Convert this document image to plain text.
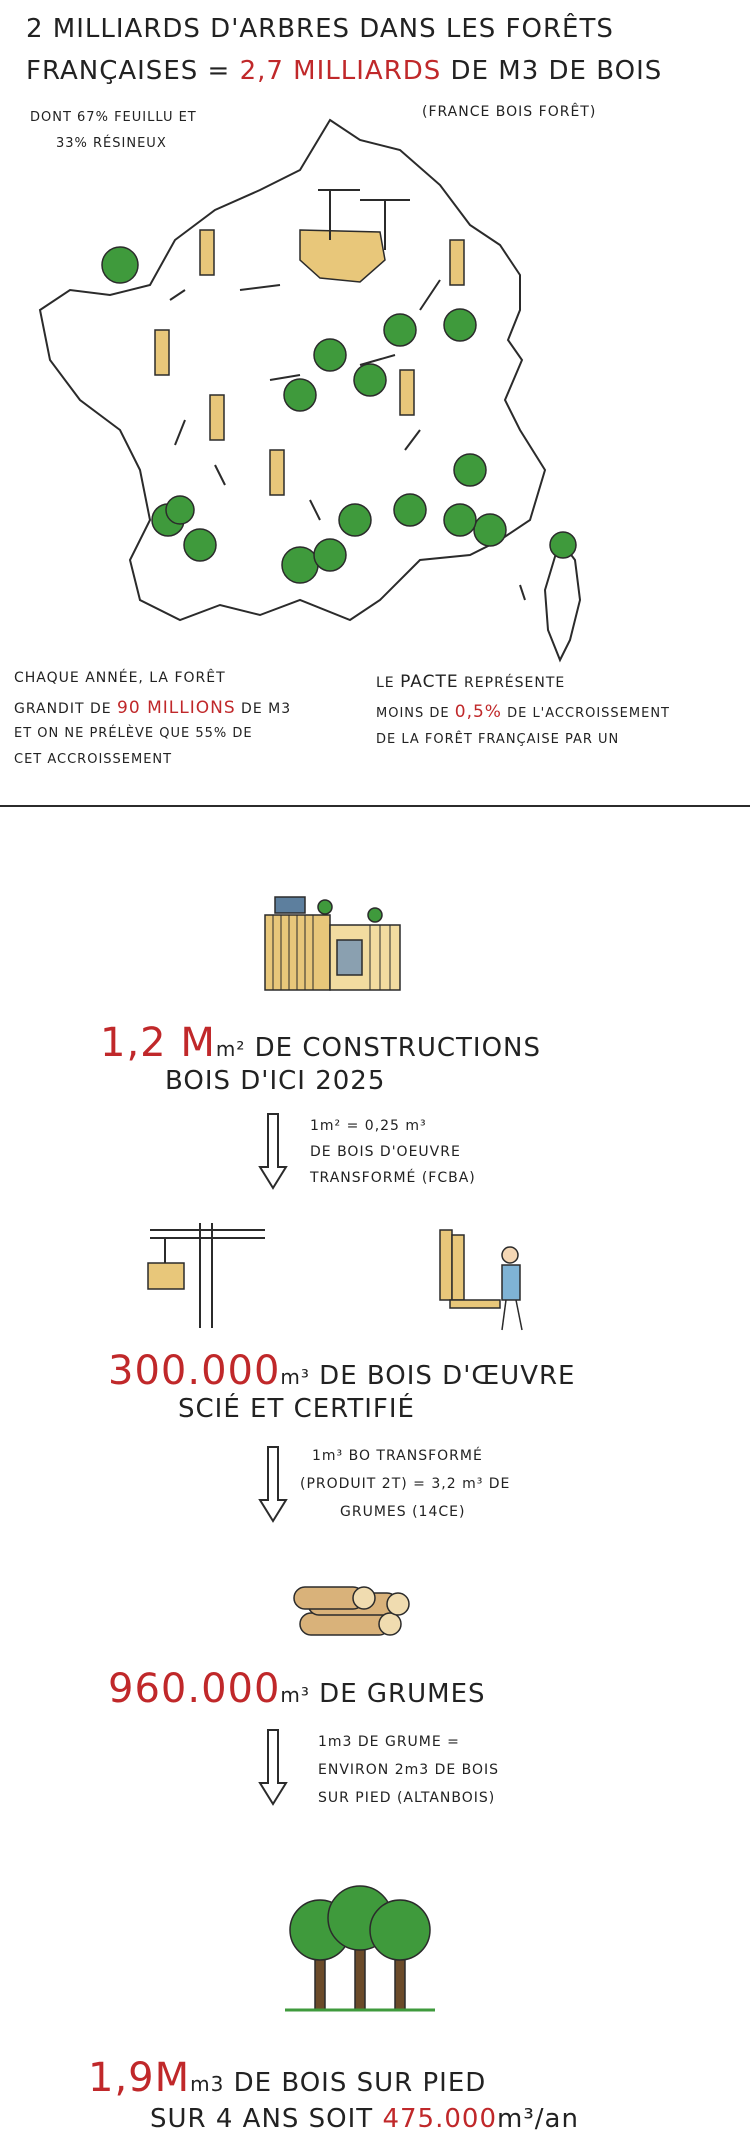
2 MILLIARDS D'ARBRES DANS LES FORÊTS
FRANÇAISES = 2,7 MILLIARDS DE M3 DE BOIS
DONT 67% FEUILLU ET
33% RÉSINEUX
(FRANCE BOIS FORÊT)
CHAQUE ANNÉE, LA FORÊT
GRANDIT DE 90 MILLIONS DE M3
ET ON NE PRÉLÈVE QUE 55% DE
CET ACCROISSEMENT
LE PACTE REPRÉSENTE
MOINS DE 0,5% DE L'ACCROISSEMENT
DE LA FORÊT FRANÇAISE PAR UN
1,2 Mm² DE CONSTRUCTIONS
BOIS D'ICI 2025
1m² = 0,25 m³
DE BOIS D'OEUVRE
TRANSFORMÉ (FCBA)
300.000m³ DE BOIS D'ŒUVRE
SCIÉ ET CERTIFIÉ
1m³ BO TRANSFORMÉ
(PRODUIT 2T) = 3,2 m³ DE
GRUMES (14CE)
960.000m³ DE GRUMES
1m3 DE GRUME =
ENVIRON 2m3 DE BOIS
SUR PIED (ALTANBOIS)
1,9Mm3 DE BOIS SUR PIED
SUR 4 ANS SOIT 475.000m³/an
